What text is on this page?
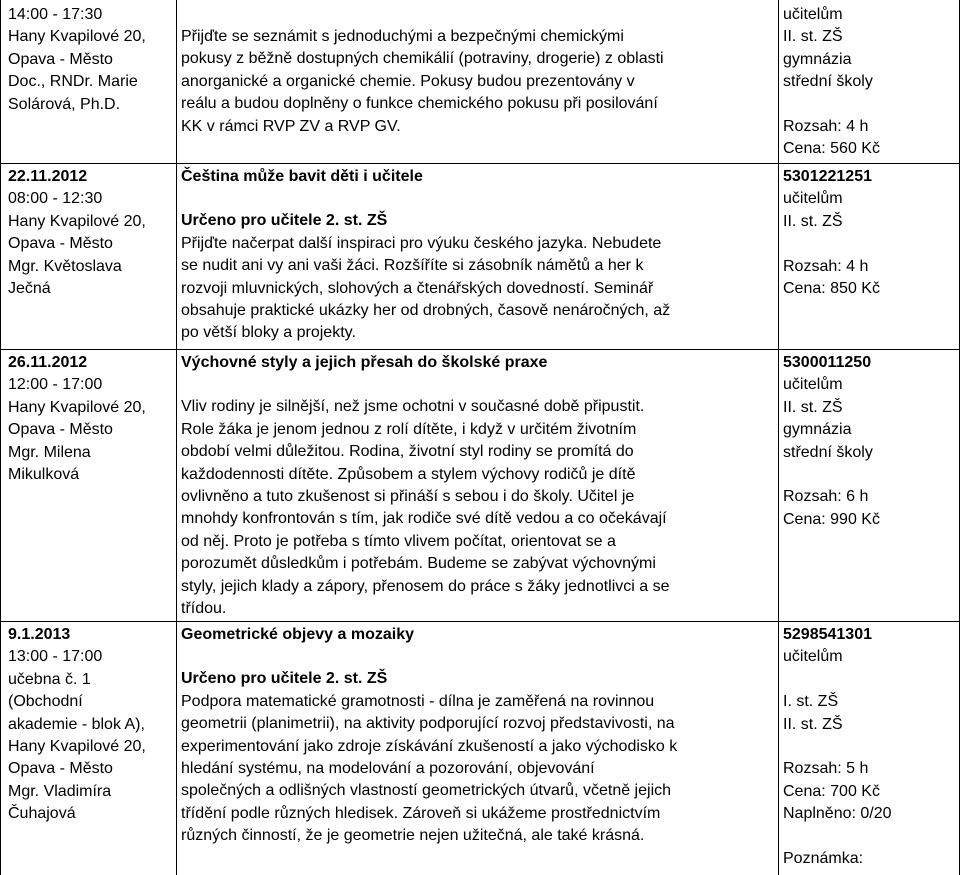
14:00 - 17:30
Hany Kvapilové 20,
Opava - Město
Doc., RNDr. Marie
Solárová, Ph.D.
Přijďte se seznámit s jednoduchými a bezpečnými chemickými
pokusy z běžně dostupných chemikálií (potraviny, drogerie) z oblasti
anorganické a organické chemie. Pokusy budou prezentovány v
reálu a budou doplněny o funkce chemického pokusu při posilování
KK v rámci RVP ZV a RVP GV.
učitelům
II. st. ZŠ
gymnázia
střední školy
Rozsah: 4 h
Cena: 560 Kč
22.11.2012
08:00 - 12:30
Hany Kvapilové 20,
Opava - Město
Mgr. Květoslava
Ječná
Čeština může bavit děti i učitele
Určeno pro učitele 2. st. ZŠ
Přijďte načerpat další inspiraci pro výuku českého jazyka. Nebudete
se nudit ani vy ani vaši žáci. Rozšíříte si zásobník námětů a her k
rozvoji mluvnických, slohových a čtenářských dovedností. Seminář
obsahuje praktické ukázky her od drobných, časově nenáročných, až
po větší bloky a projekty.
5301221251
učitelům
II. st. ZŠ
Rozsah: 4 h
Cena: 850 Kč
26.11.2012
12:00 - 17:00
Hany Kvapilové 20,
Opava - Město
Mgr. Milena
Mikulková
Výchovné styly a jejich přesah do školské praxe
Vliv rodiny je silnější, než jsme ochotni v současné době připustit.
Role žáka je jenom jednou z rolí dítěte, i když v určitém životním
období velmi důležitou. Rodina, životní styl rodiny se promítá do
každodennosti dítěte. Způsobem a stylem výchovy rodičů je dítě
ovlivněno a tuto zkušenost si přináší s sebou i do školy. Učitel je
mnohdy konfrontován s tím, jak rodiče své dítě vedou a co očekávají
od něj. Proto je potřeba s tímto vlivem počítat, orientovat se a
porozumět důsledkům i potřebám. Budeme se zabývat výchovnými
styly, jejich klady a zápory, přenosem do práce s žáky jednotlivci a se
třídou.
5300011250
učitelům
II. st. ZŠ
gymnázia
střední školy
Rozsah: 6 h
Cena: 990 Kč
9.1.2013
13:00 - 17:00
učebna č. 1
(Obchodní
akademie - blok A),
Hany Kvapilové 20,
Opava - Město
Mgr. Vladimíra
Čuhajová
Geometrické objevy a mozaiky
Určeno pro učitele 2. st. ZŠ
Podpora matematické gramotnosti - dílna je zaměřená na rovinnou
geometrii (planimetrii), na aktivity podporující rozvoj představivosti, na
experimentování jako zdroje získávání zkušeností a jako východisko k
hledání systému, na modelování a pozorování, objevování
společných a odlišných vlastností geometrických útvarů, včetně jejich
třídění podle různých hledisek. Zároveň si ukážeme prostřednictvím
různých činností, že je geometrie nejen užitečná, ale také krásná.
5298541301
učitelům
I. st. ZŠ
II. st. ZŠ
Rozsah: 5 h
Cena: 700 Kč
Naplněno: 0/20
Poznámka:
